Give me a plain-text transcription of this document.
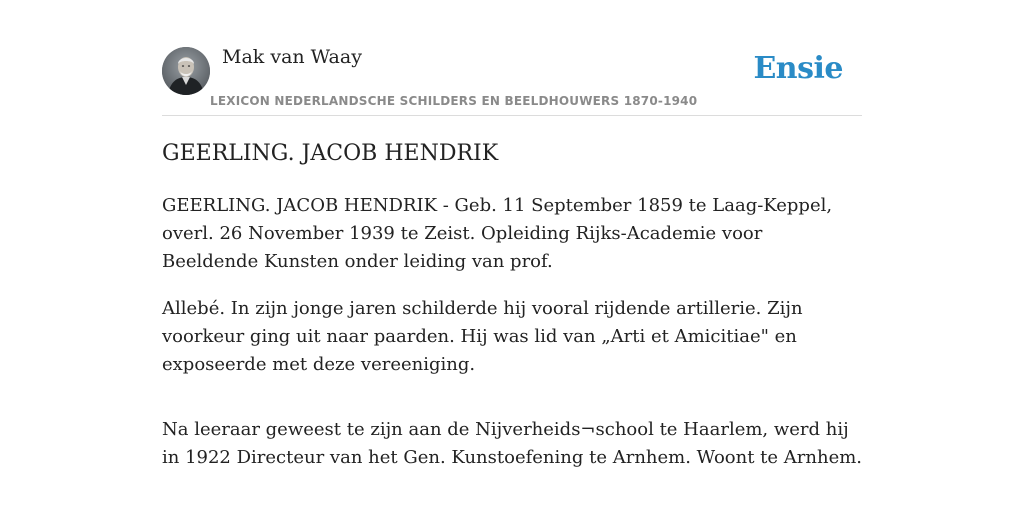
Mak van Waay
LEXICON NEDERLANDSCHE SCHILDERS EN BEELDHOUWERS 1870-1940
Ensie
GEERLING. JACOB HENDRIK

GEERLING. JACOB HENDRIK - Geb. 11 September 1859 te Laag-Keppel, overl. 26 November 1939 te Zeist. Opleiding Rijks-Academie voor Beeldende Kunsten onder leiding van prof.

Allebé. In zijn jonge jaren schilderde hij vooral rijdende artillerie. Zijn voorkeur ging uit naar paarden. Hij was lid van „Arti et Amicitiae" en exposeerde met deze vereeniging.

Na leeraar geweest te zijn aan de Nijverheids¬school te Haarlem, werd hij in 1922 Directeur van het Gen. Kunstoefening te Arnhem. Woont te Arnhem.
